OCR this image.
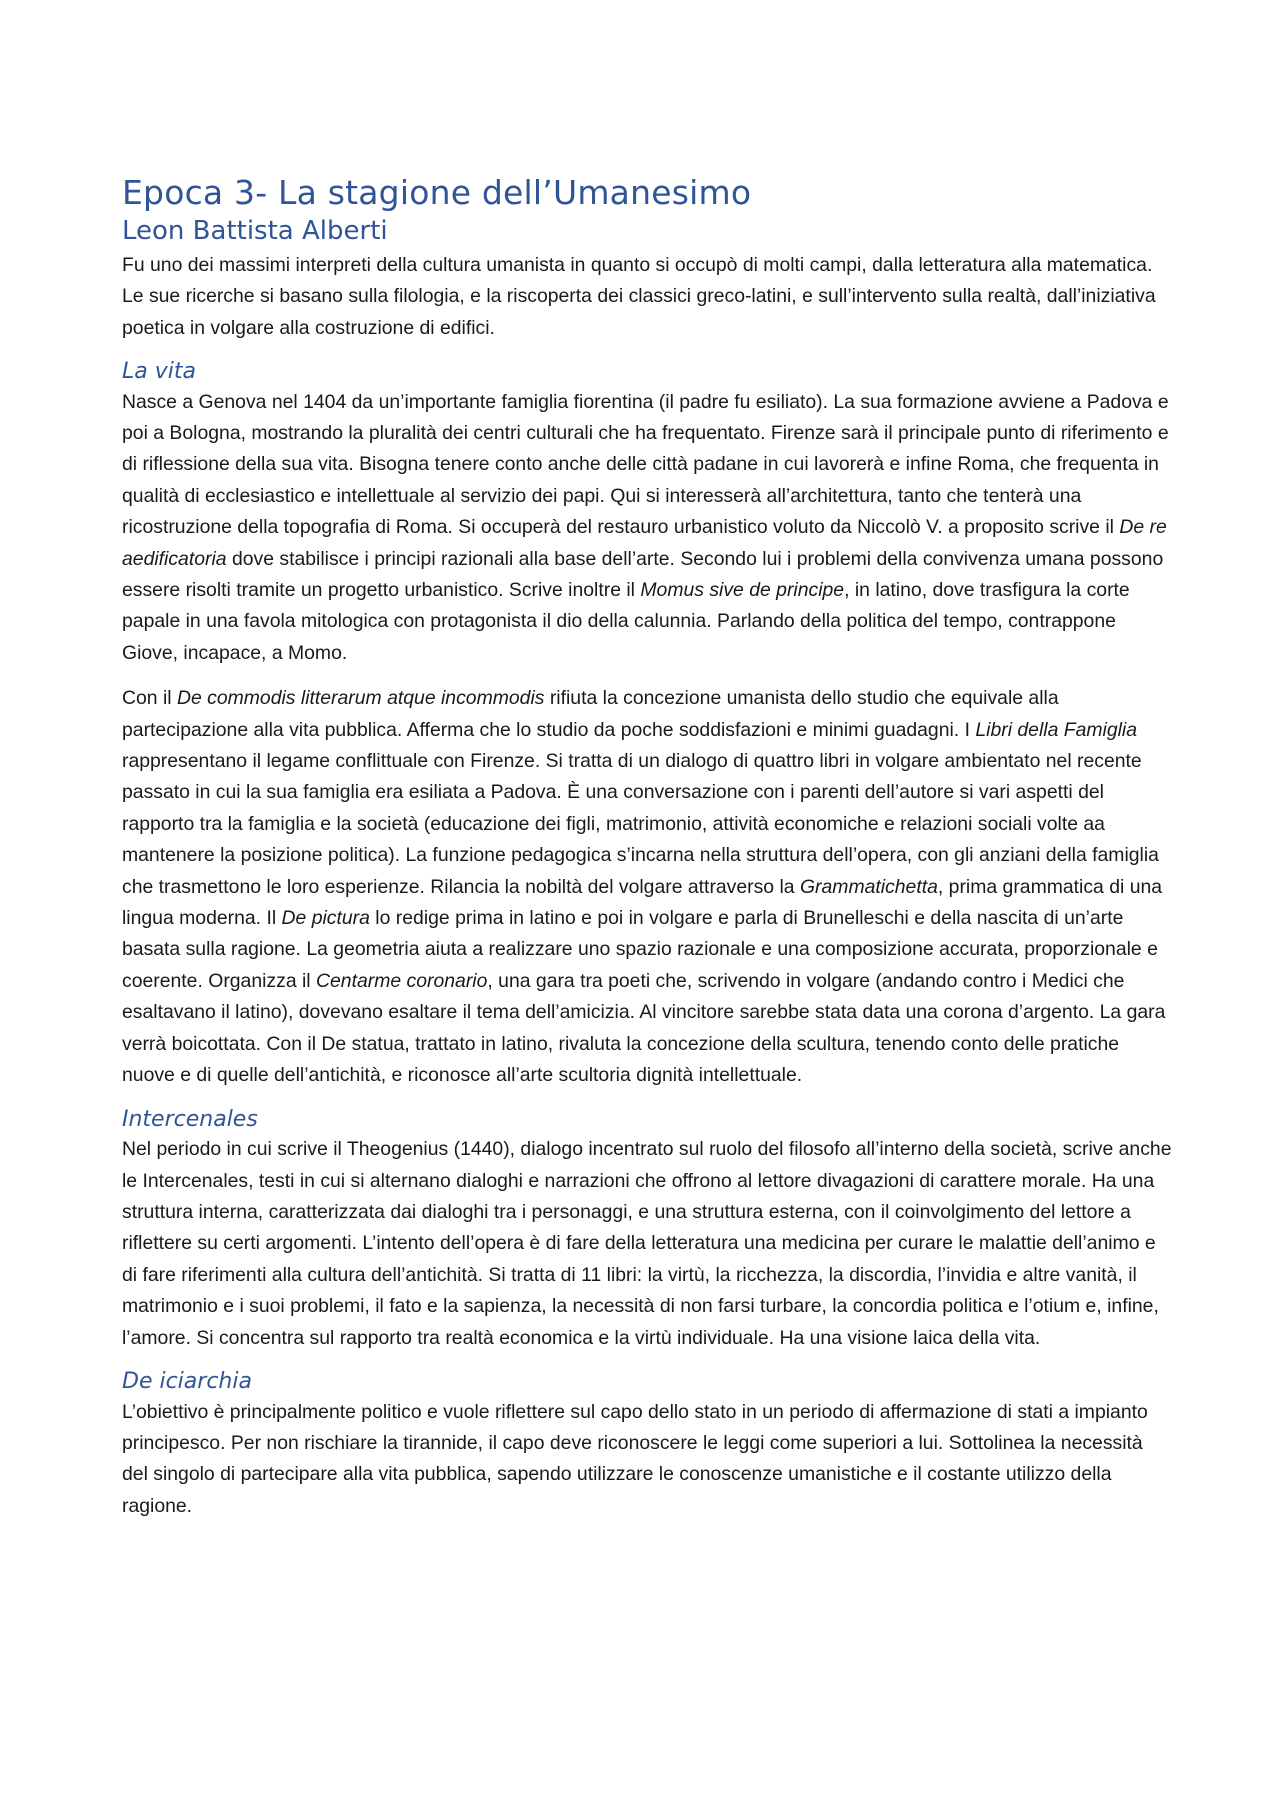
Epoca 3- La stagione dell’Umanesimo
Leon Battista Alberti

Fu uno dei massimi interpreti della cultura umanista in quanto si occupò di molti campi, dalla letteratura alla matematica. Le sue ricerche si basano sulla filologia, e la riscoperta dei classici greco-latini, e sull’intervento sulla realtà, dall’iniziativa poetica in volgare alla costruzione di edifici.

La vita

Nasce a Genova nel 1404 da un’importante famiglia fiorentina (il padre fu esiliato). La sua formazione avviene a Padova e poi a Bologna, mostrando la pluralità dei centri culturali che ha frequentato. Firenze sarà il principale punto di riferimento e di riflessione della sua vita. Bisogna tenere conto anche delle città padane in cui lavorerà e infine Roma, che frequenta in qualità di ecclesiastico e intellettuale al servizio dei papi. Qui si interesserà all’architettura, tanto che tenterà una ricostruzione della topografia di Roma. Si occuperà del restauro urbanistico voluto da Niccolò V. a proposito scrive il De re aedificatoria dove stabilisce i principi razionali alla base dell’arte. Secondo lui i problemi della convivenza umana possono essere risolti tramite un progetto urbanistico. Scrive inoltre il Momus sive de principe, in latino, dove trasfigura la corte papale in una favola mitologica con protagonista il dio della calunnia. Parlando della politica del tempo, contrappone Giove, incapace, a Momo.

Con il De commodis litterarum atque incommodis rifiuta la concezione umanista dello studio che equivale alla partecipazione alla vita pubblica. Afferma che lo studio da poche soddisfazioni e minimi guadagni. I Libri della Famiglia rappresentano il legame conflittuale con Firenze. Si tratta di un dialogo di quattro libri in volgare ambientato nel recente passato in cui la sua famiglia era esiliata a Padova. È una conversazione con i parenti dell’autore si vari aspetti del rapporto tra la famiglia e la società (educazione dei figli, matrimonio, attività economiche e relazioni sociali volte aa mantenere la posizione politica). La funzione pedagogica s’incarna nella struttura dell’opera, con gli anziani della famiglia che trasmettono le loro esperienze. Rilancia la nobiltà del volgare attraverso la Grammatichetta, prima grammatica di una lingua moderna. Il De pictura lo redige prima in latino e poi in volgare e parla di Brunelleschi e della nascita di un’arte basata sulla ragione. La geometria aiuta a realizzare uno spazio razionale e una composizione accurata, proporzionale e coerente. Organizza il Centarme coronario, una gara tra poeti che, scrivendo in volgare (andando contro i Medici che esaltavano il latino), dovevano esaltare il tema dell’amicizia. Al vincitore sarebbe stata data una corona d’argento. La gara verrà boicottata. Con il De statua, trattato in latino, rivaluta la concezione della scultura, tenendo conto delle pratiche nuove e di quelle dell’antichità, e riconosce all’arte scultoria dignità intellettuale.

Intercenales

Nel periodo in cui scrive il Theogenius (1440), dialogo incentrato sul ruolo del filosofo all’interno della società, scrive anche le Intercenales, testi in cui si alternano dialoghi e narrazioni che offrono al lettore divagazioni di carattere morale. Ha una struttura interna, caratterizzata dai dialoghi tra i personaggi, e una struttura esterna, con il coinvolgimento del lettore a riflettere su certi argomenti. L’intento dell’opera è di fare della letteratura una medicina per curare le malattie dell’animo e di fare riferimenti alla cultura dell’antichità. Si tratta di 11 libri: la virtù, la ricchezza, la discordia, l’invidia e altre vanità, il matrimonio e i suoi problemi, il fato e la sapienza, la necessità di non farsi turbare, la concordia politica e l’otium e, infine, l’amore. Si concentra sul rapporto tra realtà economica e la virtù individuale. Ha una visione laica della vita.

De iciarchia

L’obiettivo è principalmente politico e vuole riflettere sul capo dello stato in un periodo di affermazione di stati a impianto principesco. Per non rischiare la tirannide, il capo deve riconoscere le leggi come superiori a lui. Sottolinea la necessità del singolo di partecipare alla vita pubblica, sapendo utilizzare le conoscenze umanistiche e il costante utilizzo della ragione.
